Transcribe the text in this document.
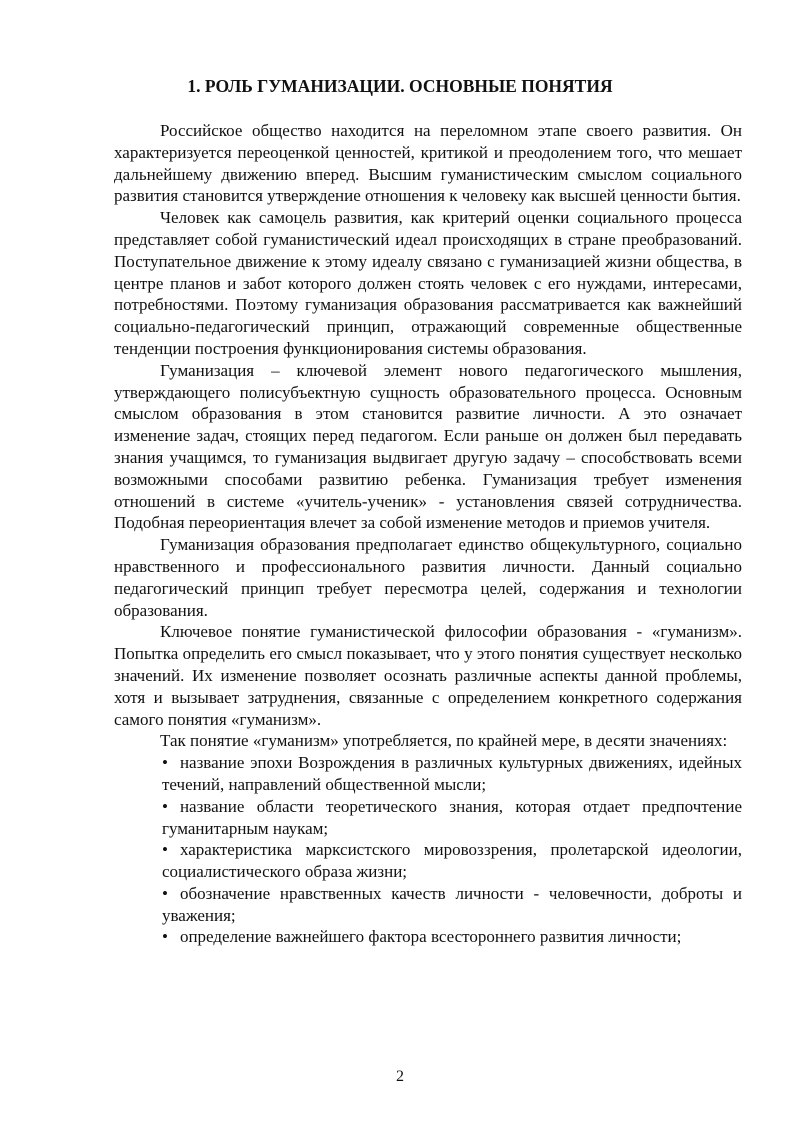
1. РОЛЬ ГУМАНИЗАЦИИ. ОСНОВНЫЕ ПОНЯТИЯ

Российское общество находится на переломном этапе своего развития. Он характеризуется переоценкой ценностей, критикой и преодолением того, что мешает дальнейшему движению вперед. Высшим гуманистическим смыслом социального развития становится утверждение отношения к человеку как высшей ценности бытия.

Человек как самоцель развития, как критерий оценки социального процесса представляет собой гуманистический идеал происходящих в стране преобразований. Поступательное движение к этому идеалу связано с гуманизацией жизни общества, в центре планов и забот которого должен стоять человек с его нуждами, интересами, потребностями. Поэтому гуманизация образования рассматривается как важнейший социально-педагогический принцип, отражающий современные общественные тенденции построения функционирования системы образования.

Гуманизация – ключевой элемент нового педагогического мышления, утверждающего полисубъектную сущность образовательного процесса. Основным смыслом образования в этом становится развитие личности. А это означает изменение задач, стоящих перед педагогом. Если раньше он должен был передавать знания учащимся, то гуманизация выдвигает другую задачу – способствовать всеми возможными способами развитию ребенка. Гуманизация требует изменения отношений в системе «учитель-ученик» - установления связей сотрудничества. Подобная переориентация влечет за собой изменение методов и приемов учителя.

Гуманизация образования предполагает единство общекультурного, социально нравственного и профессионального развития личности. Данный социально педагогический принцип требует пересмотра целей, содержания и технологии образования.

Ключевое понятие гуманистической философии образования - «гуманизм». Попытка определить его смысл показывает, что у этого понятия существует несколько значений. Их изменение позволяет осознать различные аспекты данной проблемы, хотя и вызывает затруднения, связанные с определением конкретного содержания самого понятия «гуманизм».

Так понятие «гуманизм» употребляется, по крайней мере, в десяти значениях:

• название эпохи Возрождения в различных культурных движениях, идейных течений, направлений общественной мысли;
• название области теоретического знания, которая отдает предпочтение гуманитарным наукам;
• характеристика марксистского мировоззрения, пролетарской идеологии, социалистического образа жизни;
• обозначение нравственных качеств личности - человечности, доброты и уважения;
• определение важнейшего фактора всестороннего развития личности;
2
